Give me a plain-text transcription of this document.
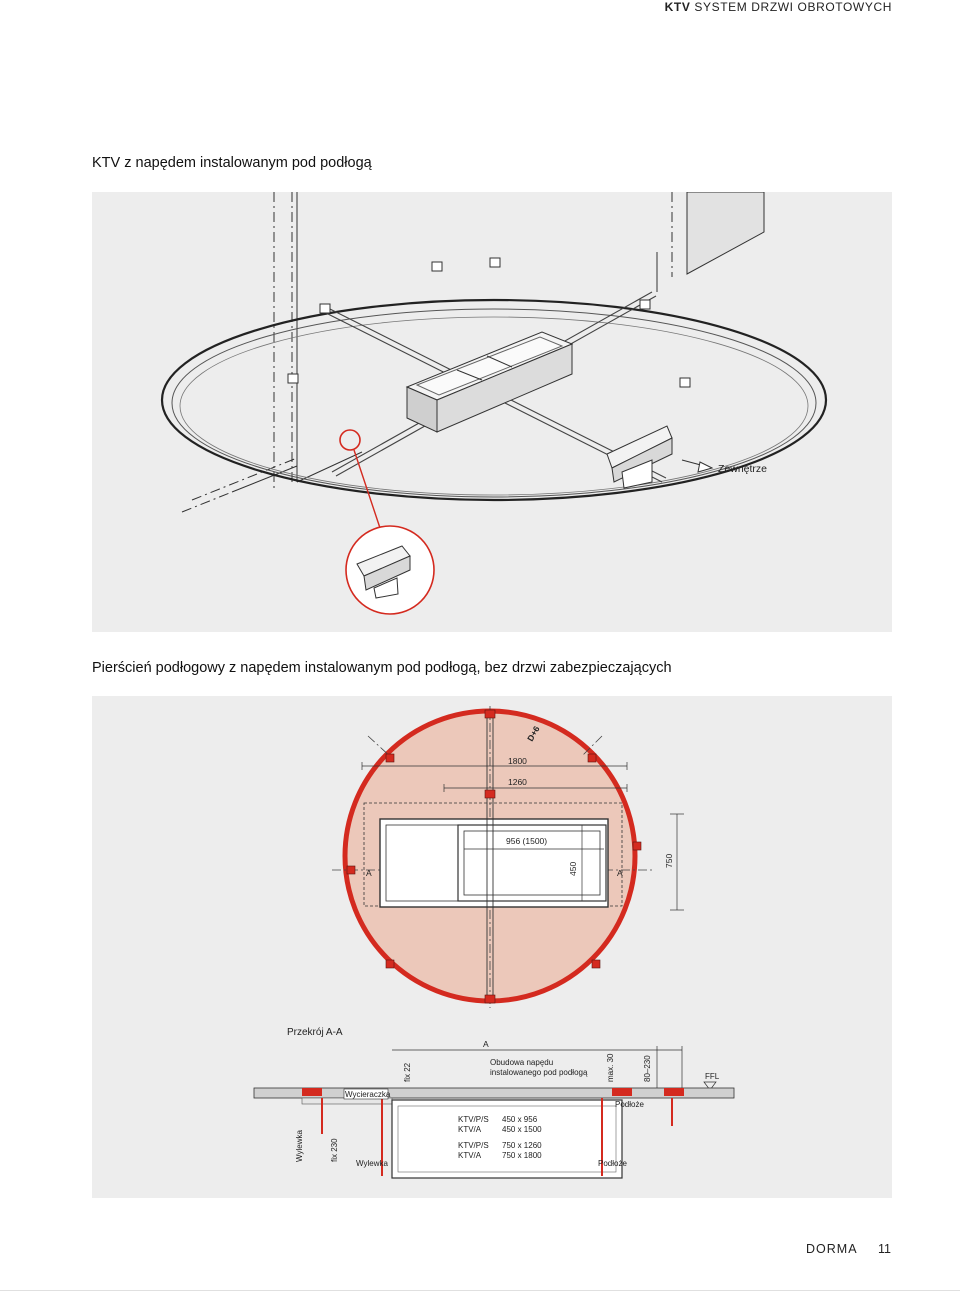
KTV SYSTEM DRZWI OBROTOWYCH
KTV z napędem instalowanym pod podłogą
Zewnętrze
Pierścień podłogowy z napędem instalowanym pod podłogą, bez drzwi zabezpieczających
1800
1260
956 (1500)
450
750
D+6
A	A
Przekrój A-A
A
fix 22
Obudowa napędu
instalowanego pod podłogą max. 30	80–230	FFL
Wycieraczka
Podłoże
Wylewka	fix 230
Wylewka	Podłoże
KTV/P/S 450 x 956
KTV/A	450 x 1500
KTV/P/S 750 x 1260
KTV/A	750 x 1800
DORMA 11
